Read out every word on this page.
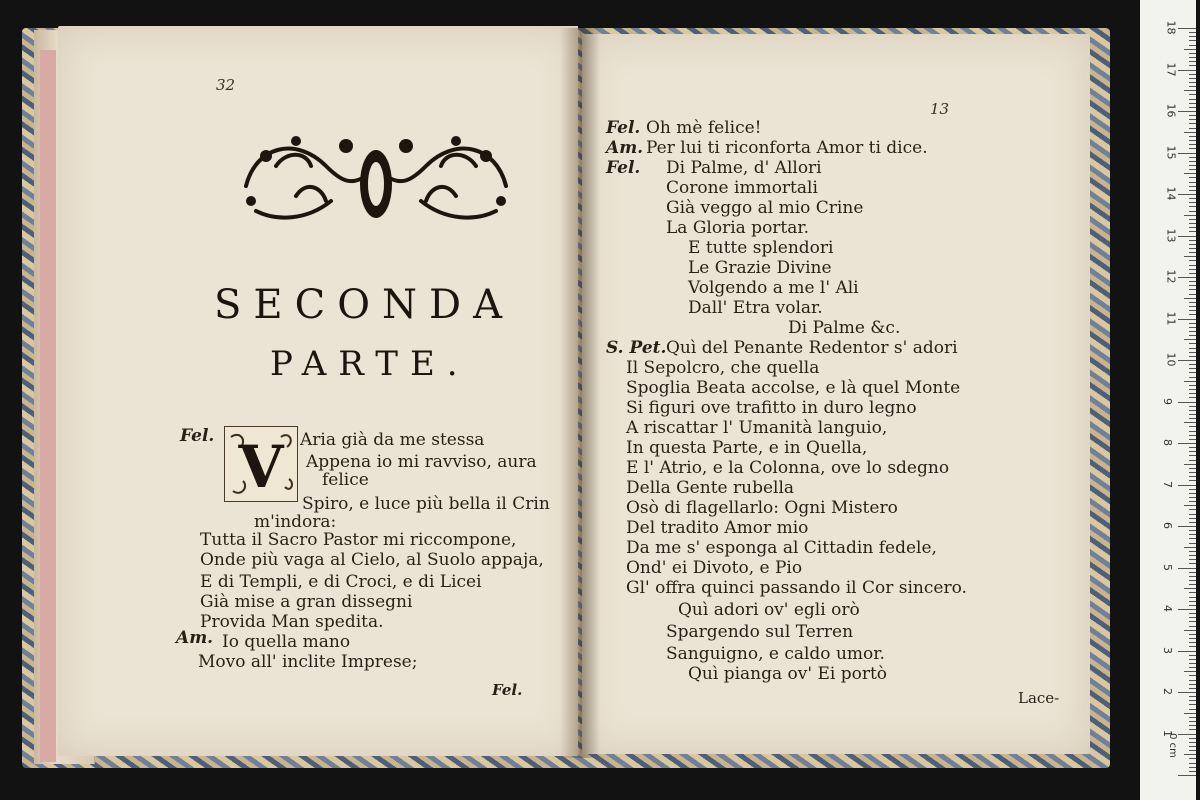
32
13
SECONDA
PARTE.
V
Fel.	Aria già da me stessa
Appena io mi ravviso, aura
felice
Spiro, e luce più bella il Crin
m'indora:
Tutta il Sacro Pastor mi riccompone,
Onde più vaga al Cielo, al Suolo appaja,
E di Templi, e di Croci, e di Licei
Già mise a gran dissegni
Provida Man spedita.
Am. Io quella mano
Movo all' inclite Imprese;
Fel.
Fel. Oh mè felice!
Am. Per lui ti riconforta Amor ti dice.
Fel. Di Palme, d' Allori
Corone immortali
Già veggo al mio Crine
La Gloria portar.
E tutte splendori
Le Grazie Divine
Volgendo a me l' Ali
Dall' Etra volar.
Di Palme &c.
S. Pet. Quì del Penante Redentor s' adori
Il Sepolcro, che quella
Spoglia Beata accolse, e là quel Monte
Si figuri ove trafitto in duro legno
A riscattar l' Umanità languio,
In questa Parte, e in Quella,
E l' Atrio, e la Colonna, ove lo sdegno
Della Gente rubella
Osò di flagellarlo: Ogni Mistero
Del tradito Amor mio
Da me s' esponga al Cittadin fedele,
Ond' ei Divoto, e Pio
Gl' offra quinci passando il Cor sincero.
Quì adori ov' egli orò
Spargendo sul Terren
Sanguigno, e caldo umor.
Quì pianga ov' Ei portò
Lace-
0 cm
1
2
3
4
5
6
7
8
9
10
11
12
13
14
15
16
17
18
